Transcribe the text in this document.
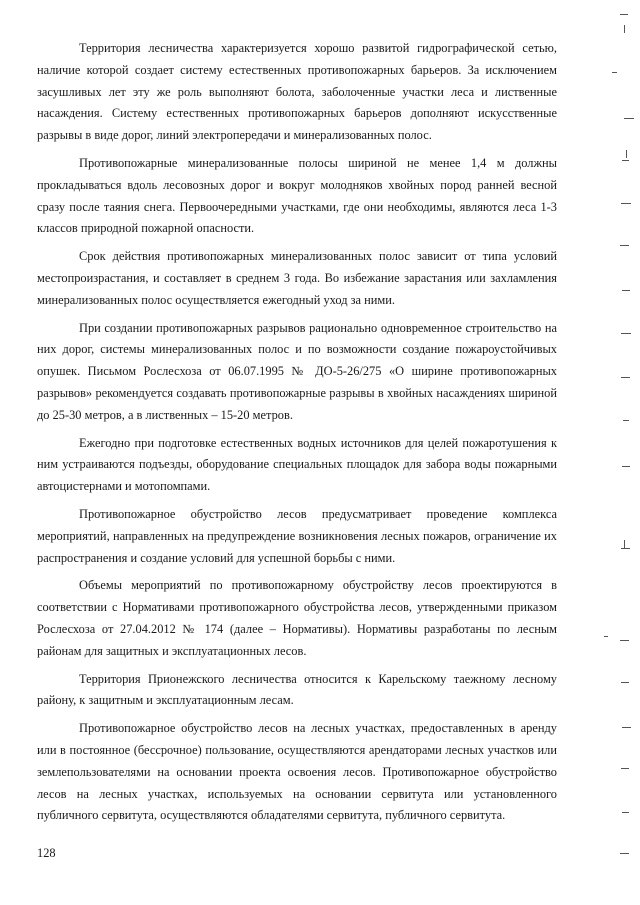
Территория лесничества характеризуется хорошо развитой гидрографической сетью, наличие которой создает систему естественных противопожарных барьеров. За исключением засушливых лет эту же роль выполняют болота, заболоченные участки леса и лиственные насаждения. Систему естественных противопожарных барьеров дополняют искусственные разрывы в виде дорог, линий электропередачи и минерализованных полос.

Противопожарные минерализованные полосы шириной не менее 1,4 м должны прокладываться вдоль лесовозных дорог и вокруг молодняков хвойных пород ранней весной сразу после таяния снега. Первоочередными участками, где они необходимы, являются леса 1-3 классов природной пожарной опасности.

Срок действия противопожарных минерализованных полос зависит от типа условий местопроизрастания, и составляет в среднем 3 года. Во избежание зарастания или захламления минерализованных полос осуществляется ежегодный уход за ними.

При создании противопожарных разрывов рационально одновременное строительство на них дорог, системы минерализованных полос и по возможности создание пожароустойчивых опушек. Письмом Рослесхоза от 06.07.1995 № ДО-5-26/275 «О ширине противопожарных разрывов» рекомендуется создавать противопожарные разрывы в хвойных насаждениях шириной до 25-30 метров, а в лиственных – 15-20 метров.

Ежегодно при подготовке естественных водных источников для целей пожаротушения к ним устраиваются подъезды, оборудование специальных площадок для забора воды пожарными автоцистернами и мотопомпами.

Противопожарное обустройство лесов предусматривает проведение комплекса мероприятий, направленных на предупреждение возникновения лесных пожаров, ограничение их распространения и создание условий для успешной борьбы с ними.

Объемы мероприятий по противопожарному обустройству лесов проектируются в соответствии с Нормативами противопожарного обустройства лесов, утвержденными приказом Рослесхоза от 27.04.2012 № 174 (далее – Нормативы). Нормативы разработаны по лесным районам для защитных и эксплуатационных лесов.

Территория Прионежского лесничества относится к Карельскому таежному лесному району, к защитным и эксплуатационным лесам.

Противопожарное обустройство лесов на лесных участках, предоставленных в аренду или в постоянное (бессрочное) пользование, осуществляются арендаторами лесных участков или землепользователями на основании проекта освоения лесов. Противопожарное обустройство лесов на лесных участках, используемых на основании сервитута или установленного публичного сервитута, осуществляются обладателями сервитута, публичного сервитута.

128
